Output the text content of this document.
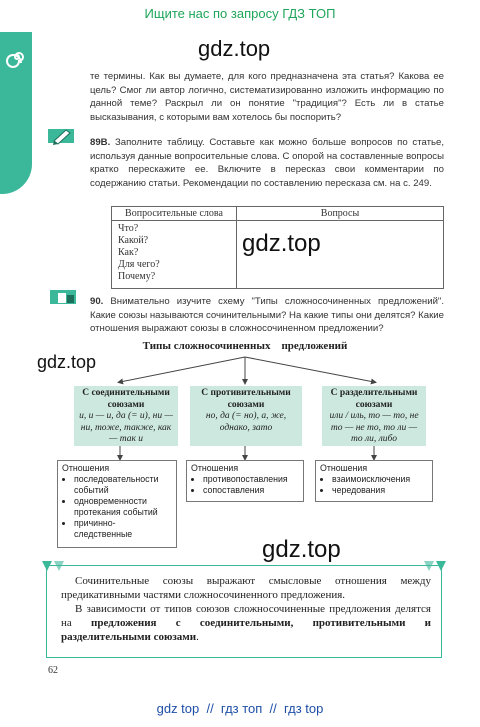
Ищите нас по запросу ГДЗ ТОП
gdz.top
те термины. Как вы думаете, для кого предназначена эта статья? Какова ее цель? Смог ли автор логично, систематизированно изложить информацию по данной теме? Раскрыл ли он понятие "традиция"? Есть ли в статье высказывания, с которыми вам хотелось бы поспорить?
89В. Заполните таблицу. Составьте как можно больше вопросов по статье, используя данные вопросительные слова. С опорой на составленные вопросы кратко перескажите ее. Включите в пересказ свои комментарии по содержанию статьи. Рекомендации по составлению пересказа см. на с. 249.
Вопросительные слова	Вопросы

Что?
Какой?
Как?
Для чего?
Почему?	

gdz.top
90. Внимательно изучите схему "Типы сложносочиненных предложений". Какие союзы называются сочинительными? На какие типы они делятся? Какие отношения выражают союзы в сложносочиненном предложении?
Типы сложносочиненных    предложений
С соединительными союзами
и, и — и, да (= и), ни — ни, тоже, также, как — так и
С противительными союзами
но, да (= но), а, же, однако, зато
С разделительными союзами
или / иль, то — то, не то — не то, то ли — то ли, либо
Отношения
• последовательности событий
• одновременности протекания событий
• причинно-следственные
Отношения
• противопоставления
• сопоставления
Отношения
• взаимоисключения
• чередования
gdz.top
gdz.top
Сочинительные союзы выражают смысловые отношения между предикативными частями сложносочиненного предложения.
В зависимости от типов союзов сложносочиненные предложения делятся на предложения с соединительными, противительными и разделительными союзами.
62
gdz top  //  гдз топ  //  гдз top
